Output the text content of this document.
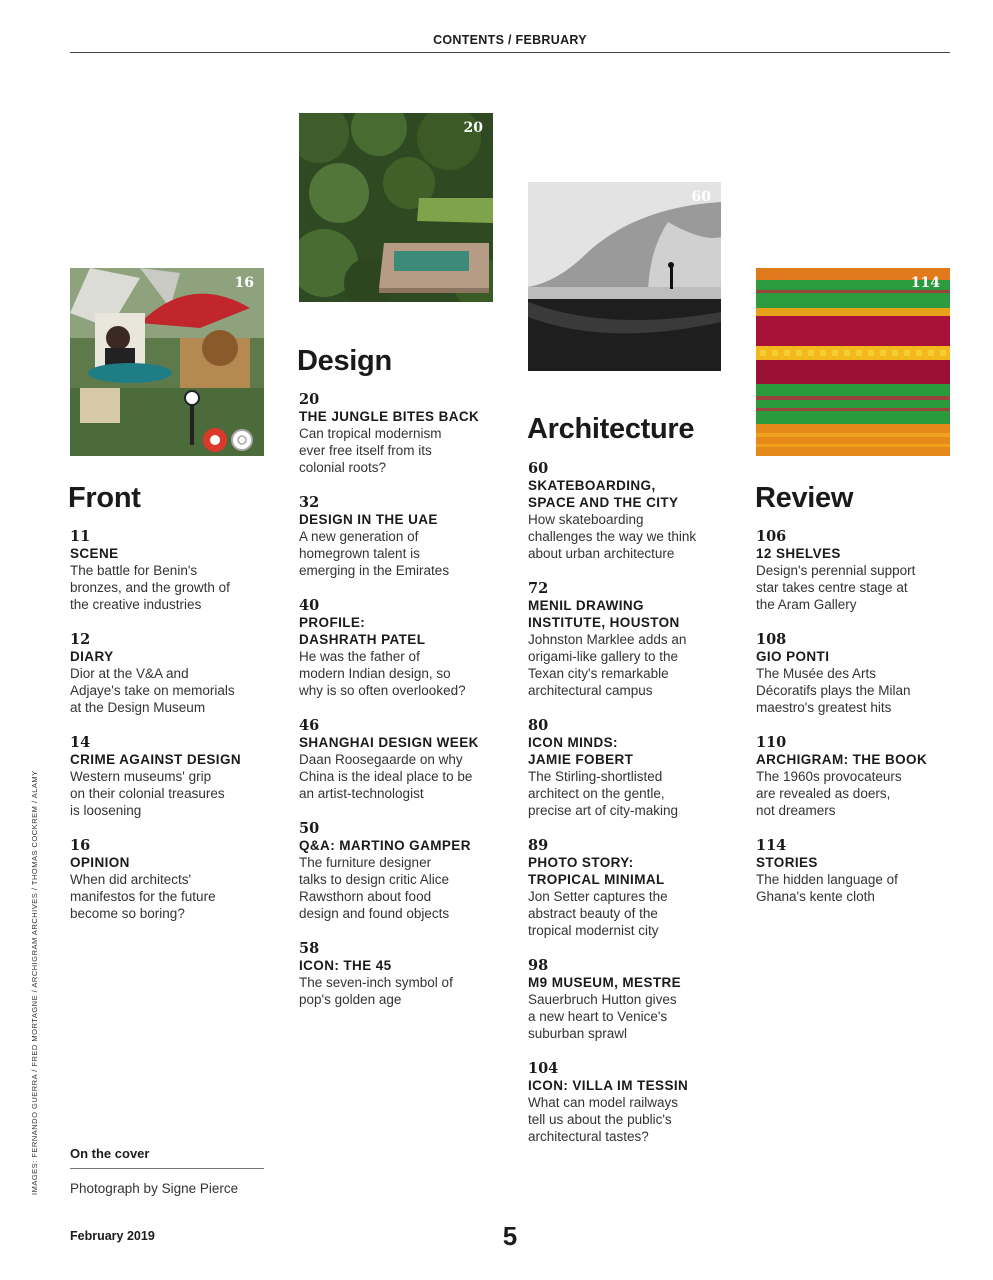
CONTENTS / FEBRUARY
IMAGES: FERNANDO GUERRA / FRED MORTAGNE / ARCHIGRAM ARCHIVES / THOMAS COCKREM / ALAMY
16
Front
11
SCENE
The battle for Benin's
bronzes, and the growth of
the creative industries
12
DIARY
Dior at the V&A and
Adjaye's take on memorials
at the Design Museum
14
CRIME AGAINST DESIGN
Western museums' grip
on their colonial treasures
is loosening
16
OPINION
When did architects'
manifestos for the future
become so boring?
20
Design
20
THE JUNGLE BITES BACK
Can tropical modernism
ever free itself from its
colonial roots?
32
DESIGN IN THE UAE
A new generation of
homegrown talent is
emerging in the Emirates
40
PROFILE:
DASHRATH PATEL
He was the father of
modern Indian design, so
why is so often overlooked?
46
SHANGHAI DESIGN WEEK
Daan Roosegaarde on why
China is the ideal place to be
an artist-technologist
50
Q&A: MARTINO GAMPER
The furniture designer
talks to design critic Alice
Rawsthorn about food
design and found objects
58
ICON: THE 45
The seven-inch symbol of
pop's golden age
60
Architecture
60
SKATEBOARDING,
SPACE AND THE CITY
How skateboarding
challenges the way we think
about urban architecture
72
MENIL DRAWING
INSTITUTE, HOUSTON
Johnston Marklee adds an
origami-like gallery to the
Texan city's remarkable
architectural campus
80
ICON MINDS:
JAMIE FOBERT
The Stirling-shortlisted
architect on the gentle,
precise art of city-making
89
PHOTO STORY:
TROPICAL MINIMAL
Jon Setter captures the
abstract beauty of the
tropical modernist city
98
M9 MUSEUM, MESTRE
Sauerbruch Hutton gives
a new heart to Venice's
suburban sprawl
104
ICON: VILLA IM TESSIN
What can model railways
tell us about the public's
architectural tastes?
114
Review
106
12 SHELVES
Design's perennial support
star takes centre stage at
the Aram Gallery
108
GIO PONTI
The Musée des Arts
Décoratifs plays the Milan
maestro's greatest hits
110
ARCHIGRAM: THE BOOK
The 1960s provocateurs
are revealed as doers,
not dreamers
114
STORIES
The hidden language of
Ghana's kente cloth
On the cover
Photograph by Signe Pierce
February 2019	5
